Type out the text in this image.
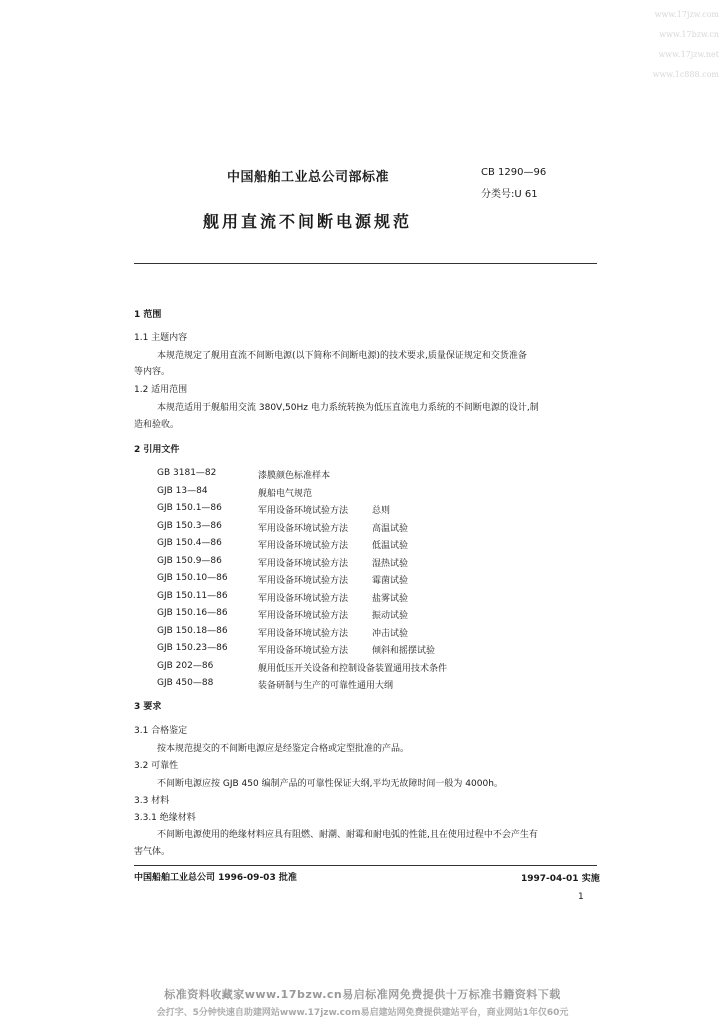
www.17jzw.com
www.17bzw.cn
www.17jzw.net
www.1c888.com
中国船舶工业总公司部标准	CB 1290—96
分类号:U 61
舰用直流不间断电源规范
1 范围
1.1 主题内容
本规范规定了舰用直流不间断电源(以下简称不间断电源)的技术要求,质量保证规定和交货准备
等内容。
1.2 适用范围
本规范适用于舰船用交流 380V,50Hz 电力系统转换为低压直流电力系统的不间断电源的设计,制
造和验收。
2 引用文件
GB 3181—82	漆膜颜色标准样本
GJB 13—84	舰船电气规范
GJB 150.1—86	军用设备环境试验方法	总则
GJB 150.3—86	军用设备环境试验方法	高温试验
GJB 150.4—86	军用设备环境试验方法	低温试验
GJB 150.9—86	军用设备环境试验方法	湿热试验
GJB 150.10—86	军用设备环境试验方法	霉菌试验
GJB 150.11—86	军用设备环境试验方法	盐雾试验
GJB 150.16—86	军用设备环境试验方法	振动试验
GJB 150.18—86	军用设备环境试验方法	冲击试验
GJB 150.23—86	军用设备环境试验方法	倾斜和摇摆试验
GJB 202—86	舰用低压开关设备和控制设备装置通用技术条件
GJB 450—88	装备研制与生产的可靠性通用大纲
3 要求
3.1 合格鉴定
按本规范提交的不间断电源应是经鉴定合格或定型批准的产品。
3.2 可靠性
不间断电源应按 GJB 450 编制产品的可靠性保证大纲,平均无故障时间一般为 4000h。
3.3 材料
3.3.1 绝缘材料
不间断电源使用的绝缘材料应具有阻燃、耐潮、耐霉和耐电弧的性能,且在使用过程中不会产生有
害气体。
中国船舶工业总公司 1996-09-03 批准	1997-04-01 实施
1
标准资料收藏家www.17bzw.cn易启标准网免费提供十万标准书籍资料下载
会打字、5分钟快速自助建网站www.17jzw.com易启建站网免费提供建站平台，商业网站1年仅60元
